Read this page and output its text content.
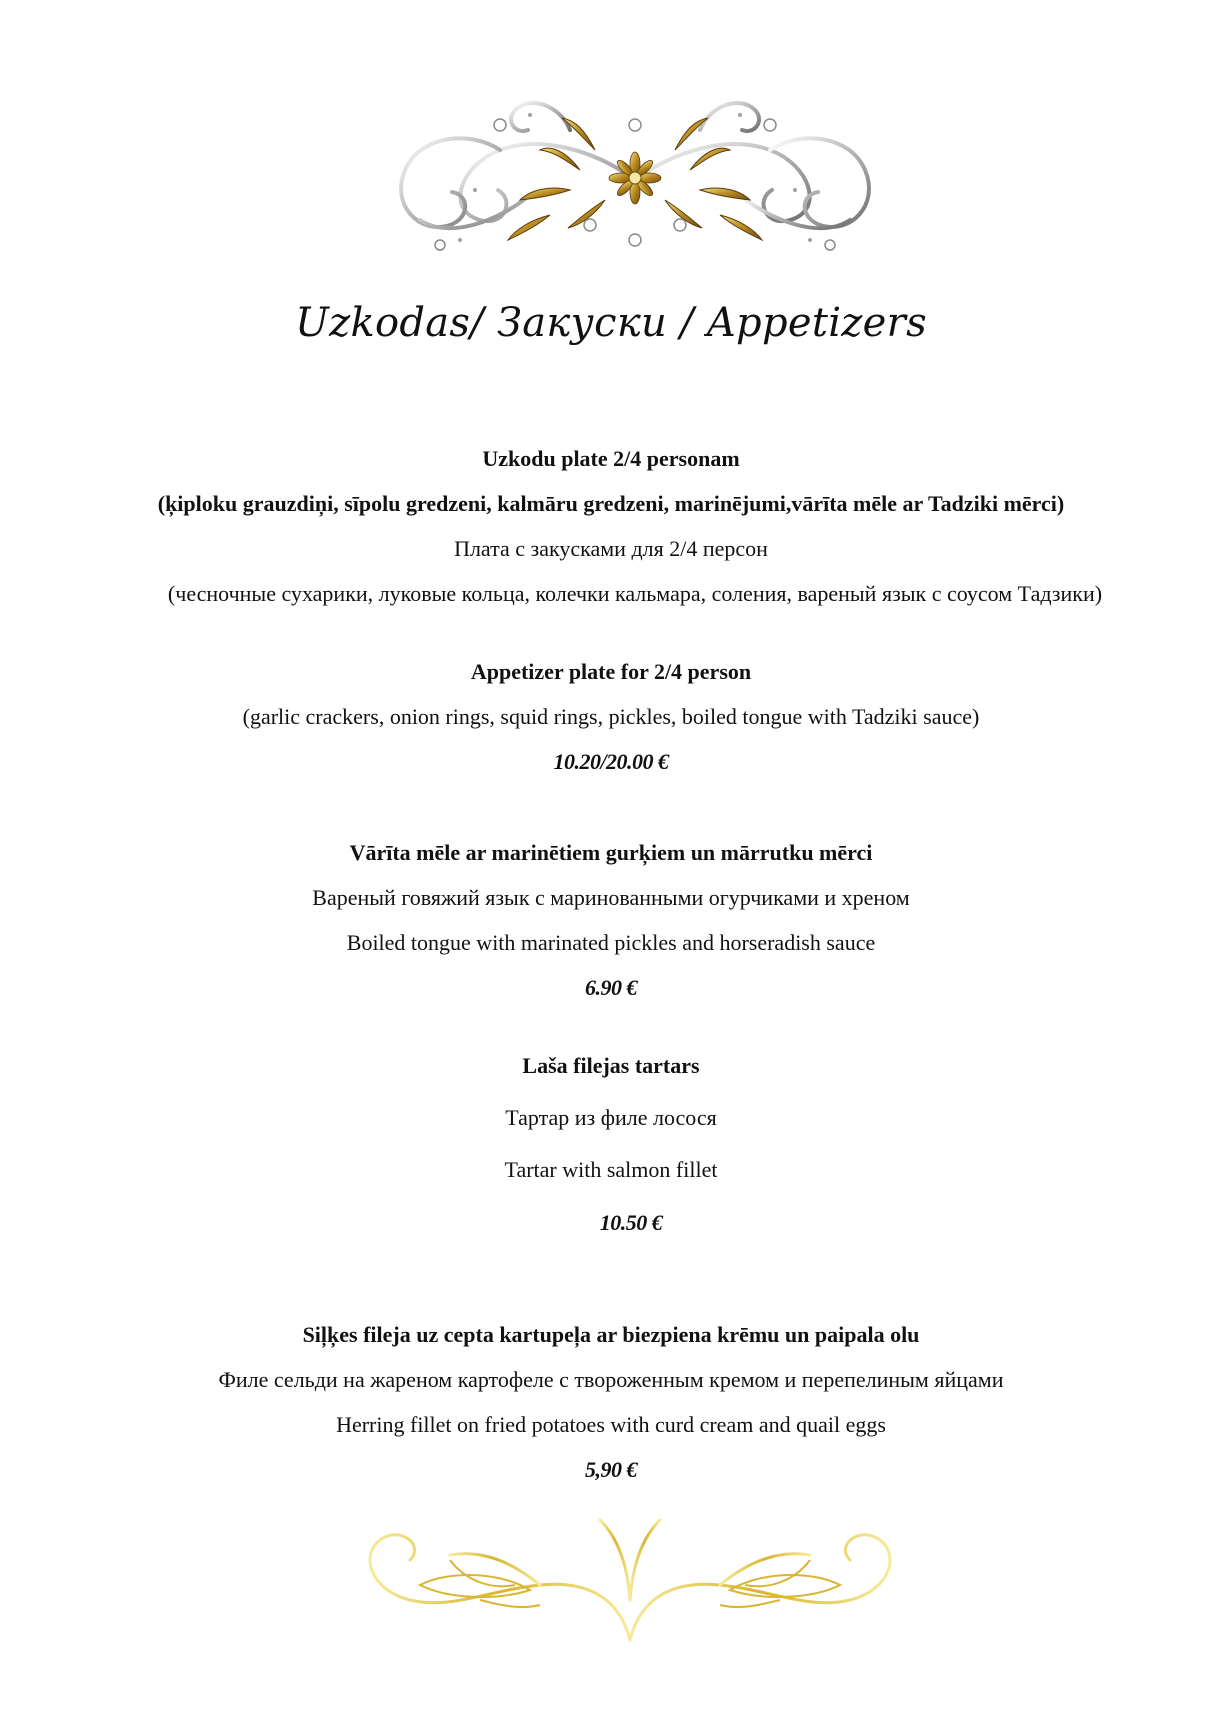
Uzkodas/ Закуски / Appetizers
Uzkodu plate 2/4 personam
(ķiploku grauzdiņi, sīpolu gredzeni, kalmāru gredzeni, marinējumi,vārīta mēle ar Tadziki mērci)
Плата с закусками для 2/4 персон
(чесночные сухарики, луковые кольца, колечки кальмара, соления, вареный язык с соусом Тадзики)
Appetizer plate for 2/4 person
(garlic crackers, onion rings, squid rings, pickles, boiled tongue with Tadziki sauce)
10.20/20.00 €
Vārīta mēle ar marinētiem gurķiem un mārrutku mērci
Вареный говяжий язык с маринованными огурчиками и хреном
Boiled tongue with marinated pickles and horseradish sauce
6.90 €
Laša filejas tartars
Тартар из филе лосося
Tartar with salmon fillet
10.50 €
Siļķes fileja uz cepta kartupeļa ar biezpiena krēmu un paipala olu
Филе сельди на жареном картофеле с твороженным кремом и перепелиным яйцами
Herring fillet on fried potatoes with curd cream and quail eggs
5,90 €
